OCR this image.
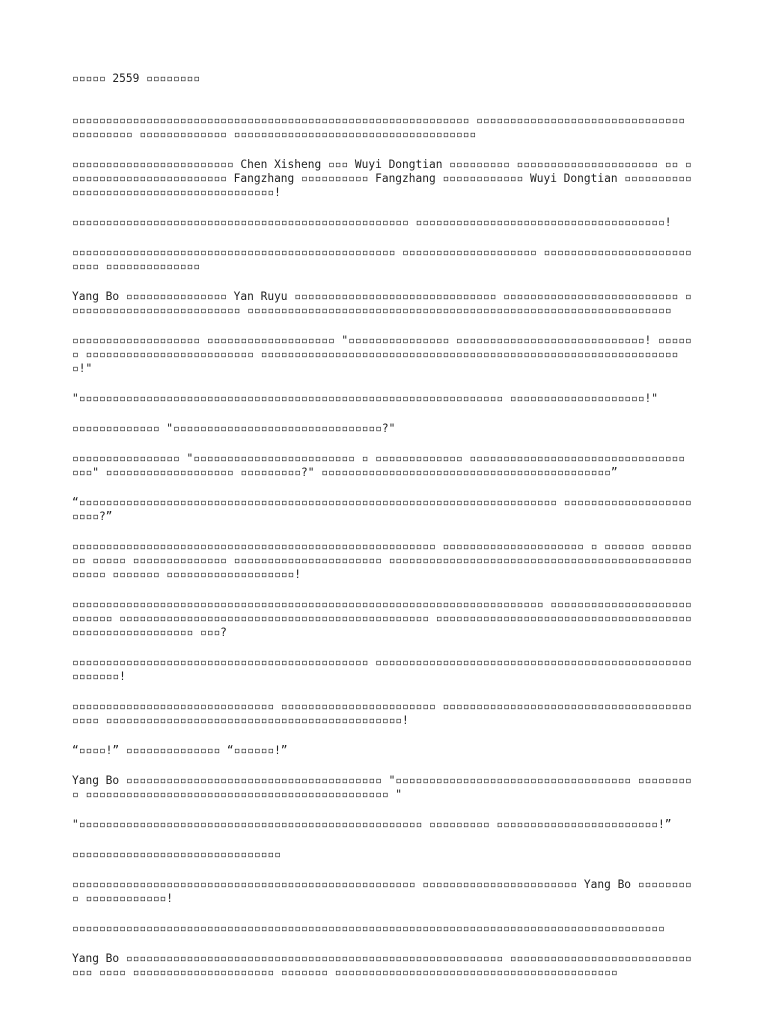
▫▫▫▫▫ 2559 ▫▫▫▫▫▫▫▫

▫▫▫▫▫▫▫▫▫▫▫▫▫▫▫▫▫▫▫▫▫▫▫▫▫▫▫▫▫▫▫▫▫▫▫▫▫▫▫▫▫▫▫▫▫▫▫▫▫▫▫▫▫▫▫▫▫▫▫ ▫▫▫▫▫▫▫▫▫▫▫▫▫▫▫▫▫▫▫▫▫▫▫▫▫▫▫▫▫▫▫ ▫▫▫▫▫▫▫▫▫ ▫▫▫▫▫▫▫▫▫▫▫▫▫ ▫▫▫▫▫▫▫▫▫▫▫▫▫▫▫▫▫▫▫▫▫▫▫▫▫▫▫▫▫▫▫▫▫▫▫▫

▫▫▫▫▫▫▫▫▫▫▫▫▫▫▫▫▫▫▫▫▫▫▫▫ Chen Xisheng ▫▫▫ Wuyi Dongtian ▫▫▫▫▫▫▫▫▫ ▫▫▫▫▫▫▫▫▫▫▫▫▫▫▫▫▫▫▫▫▫ ▫▫ ▫▫▫▫▫▫▫▫▫▫▫▫▫▫▫▫▫▫▫▫▫▫▫▫ Fangzhang ▫▫▫▫▫▫▫▫▫▫ Fangzhang ▫▫▫▫▫▫▫▫▫▫▫▫ Wuyi Dongtian ▫▫▫▫▫▫▫▫▫▫▫▫▫▫▫▫▫▫▫▫▫▫▫▫▫▫▫▫▫▫▫▫▫▫▫▫▫▫▫▫!

▫▫▫▫▫▫▫▫▫▫▫▫▫▫▫▫▫▫▫▫▫▫▫▫▫▫▫▫▫▫▫▫▫▫▫▫▫▫▫▫▫▫▫▫▫▫▫▫▫▫ ▫▫▫▫▫▫▫▫▫▫▫▫▫▫▫▫▫▫▫▫▫▫▫▫▫▫▫▫▫▫▫▫▫▫▫▫▫!

▫▫▫▫▫▫▫▫▫▫▫▫▫▫▫▫▫▫▫▫▫▫▫▫▫▫▫▫▫▫▫▫▫▫▫▫▫▫▫▫▫▫▫▫▫▫▫▫ ▫▫▫▫▫▫▫▫▫▫▫▫▫▫▫▫▫▫▫▫ ▫▫▫▫▫▫▫▫▫▫▫▫▫▫▫▫▫▫▫▫▫▫▫▫▫▫ ▫▫▫▫▫▫▫▫▫▫▫▫▫▫

Yang Bo ▫▫▫▫▫▫▫▫▫▫▫▫▫▫▫ Yan Ruyu ▫▫▫▫▫▫▫▫▫▫▫▫▫▫▫▫▫▫▫▫▫▫▫▫▫▫▫▫▫▫ ▫▫▫▫▫▫▫▫▫▫▫▫▫▫▫▫▫▫▫▫▫▫▫▫▫▫ ▫▫▫▫▫▫▫▫▫▫▫▫▫▫▫▫▫▫▫▫▫▫▫▫▫▫ ▫▫▫▫▫▫▫▫▫▫▫▫▫▫▫▫▫▫▫▫▫▫▫▫▫▫▫▫▫▫▫▫▫▫▫▫▫▫▫▫▫▫▫▫▫▫▫▫▫▫▫▫▫▫▫▫▫▫▫▫▫▫▫

▫▫▫▫▫▫▫▫▫▫▫▫▫▫▫▫▫▫▫ ▫▫▫▫▫▫▫▫▫▫▫▫▫▫▫▫▫▫▫ "▫▫▫▫▫▫▫▫▫▫▫▫▫▫▫ ▫▫▫▫▫▫▫▫▫▫▫▫▫▫▫▫▫▫▫▫▫▫▫▫▫▫▫▫! ▫▫▫▫▫▫ ▫▫▫▫▫▫▫▫▫▫▫▫▫▫▫▫▫▫▫▫▫▫▫▫▫ ▫▫▫▫▫▫▫▫▫▫▫▫▫▫▫▫▫▫▫▫▫▫▫▫▫▫▫▫▫▫▫▫▫▫▫▫▫▫▫▫▫▫▫▫▫▫▫▫▫▫▫▫▫▫▫▫▫▫▫▫▫▫▫!"

"▫▫▫▫▫▫▫▫▫▫▫▫▫▫▫▫▫▫▫▫▫▫▫▫▫▫▫▫▫▫▫▫▫▫▫▫▫▫▫▫▫▫▫▫▫▫▫▫▫▫▫▫▫▫▫▫▫▫▫▫▫▫▫ ▫▫▫▫▫▫▫▫▫▫▫▫▫▫▫▫▫▫▫▫!"

▫▫▫▫▫▫▫▫▫▫▫▫▫ "▫▫▫▫▫▫▫▫▫▫▫▫▫▫▫▫▫▫▫▫▫▫▫▫▫▫▫▫▫▫▫?"

▫▫▫▫▫▫▫▫▫▫▫▫▫▫▫▫ "▫▫▫▫▫▫▫▫▫▫▫▫▫▫▫▫▫▫▫▫▫▫▫▫ ▫ ▫▫▫▫▫▫▫▫▫▫▫▫▫ ▫▫▫▫▫▫▫▫▫▫▫▫▫▫▫▫▫▫▫▫▫▫▫▫▫▫▫▫▫▫▫▫ ▫▫▫" ▫▫▫▫▫▫▫▫▫▫▫▫▫▫▫▫▫▫▫ ▫▫▫▫▫▫▫▫▫?" ▫▫▫▫▫▫▫▫▫▫▫▫▫▫▫▫▫▫▫▫▫▫▫▫▫▫▫▫▫▫▫▫▫▫▫▫▫▫▫▫▫▫▫”

“▫▫▫▫▫▫▫▫▫▫▫▫▫▫▫▫▫▫▫▫▫▫▫▫▫▫▫▫▫▫▫▫▫▫▫▫▫▫▫▫▫▫▫▫▫▫▫▫▫▫▫▫▫▫▫▫▫▫▫▫▫▫▫▫▫▫▫▫▫▫▫ ▫▫▫▫▫▫▫▫▫▫▫▫▫▫▫▫▫▫▫▫▫▫▫?”

▫▫▫▫▫▫▫▫▫▫▫▫▫▫▫▫▫▫▫▫▫▫▫▫▫▫▫▫▫▫▫▫▫▫▫▫▫▫▫▫▫▫▫▫▫▫▫▫▫▫▫▫▫▫ ▫▫▫▫▫▫▫▫▫▫▫▫▫▫▫▫▫▫▫▫▫ ▫ ▫▫▫▫▫▫ ▫▫▫▫▫▫▫▫ ▫▫▫▫▫ ▫▫▫▫▫▫▫▫▫▫▫▫▫▫ ▫▫▫▫▫▫▫▫▫▫▫▫▫▫▫▫▫▫▫▫▫▫ ▫▫▫▫▫▫▫▫▫▫▫▫▫▫▫▫▫▫▫▫▫▫▫▫▫▫▫▫▫▫▫▫▫▫▫▫▫▫▫▫▫▫▫▫▫▫▫▫▫▫ ▫▫▫▫▫▫▫ ▫▫▫▫▫▫▫▫▫▫▫▫▫▫▫▫▫▫▫!

▫▫▫▫▫▫▫▫▫▫▫▫▫▫▫▫▫▫▫▫▫▫▫▫▫▫▫▫▫▫▫▫▫▫▫▫▫▫▫▫▫▫▫▫▫▫▫▫▫▫▫▫▫▫▫▫▫▫▫▫▫▫▫▫▫▫▫▫▫▫ ▫▫▫▫▫▫▫▫▫▫▫▫▫▫▫▫▫▫▫▫▫▫▫▫▫▫▫ ▫▫▫▫▫▫▫▫▫▫▫▫▫▫▫▫▫▫▫▫▫▫▫▫▫▫▫▫▫▫▫▫▫▫▫▫▫▫▫▫▫▫▫▫▫▫ ▫▫▫▫▫▫▫▫▫▫▫▫▫▫▫▫▫▫▫▫▫▫▫▫▫▫▫▫▫▫▫▫▫▫▫▫▫▫▫▫▫▫▫▫▫▫▫▫▫▫▫▫▫▫▫▫ ▫▫▫?

▫▫▫▫▫▫▫▫▫▫▫▫▫▫▫▫▫▫▫▫▫▫▫▫▫▫▫▫▫▫▫▫▫▫▫▫▫▫▫▫▫▫▫▫ ▫▫▫▫▫▫▫▫▫▫▫▫▫▫▫▫▫▫▫▫▫▫▫▫▫▫▫▫▫▫▫▫▫▫▫▫▫▫▫▫▫▫▫▫▫▫▫▫▫▫▫▫▫▫!

▫▫▫▫▫▫▫▫▫▫▫▫▫▫▫▫▫▫▫▫▫▫▫▫▫▫▫▫▫▫ ▫▫▫▫▫▫▫▫▫▫▫▫▫▫▫▫▫▫▫▫▫▫▫ ▫▫▫▫▫▫▫▫▫▫▫▫▫▫▫▫▫▫▫▫▫▫▫▫▫▫▫▫▫▫▫▫▫▫▫▫▫▫▫▫▫ ▫▫▫▫▫▫▫▫▫▫▫▫▫▫▫▫▫▫▫▫▫▫▫▫▫▫▫▫▫▫▫▫▫▫▫▫▫▫▫▫▫▫▫▫!

“▫▫▫▫!” ▫▫▫▫▫▫▫▫▫▫▫▫▫▫ “▫▫▫▫▫▫!”

Yang Bo ▫▫▫▫▫▫▫▫▫▫▫▫▫▫▫▫▫▫▫▫▫▫▫▫▫▫▫▫▫▫▫▫▫▫▫▫▫▫ "▫▫▫▫▫▫▫▫▫▫▫▫▫▫▫▫▫▫▫▫▫▫▫▫▫▫▫▫▫▫▫▫▫▫▫ ▫▫▫▫▫▫▫▫▫ ▫▫▫▫▫▫▫▫▫▫▫▫▫▫▫▫▫▫▫▫▫▫▫▫▫▫▫▫▫▫▫▫▫▫▫▫▫▫▫▫▫▫▫▫▫ "

"▫▫▫▫▫▫▫▫▫▫▫▫▫▫▫▫▫▫▫▫▫▫▫▫▫▫▫▫▫▫▫▫▫▫▫▫▫▫▫▫▫▫▫▫▫▫▫▫▫▫▫ ▫▫▫▫▫▫▫▫▫ ▫▫▫▫▫▫▫▫▫▫▫▫▫▫▫▫▫▫▫▫▫▫▫▫!”

▫▫▫▫▫▫▫▫▫▫▫▫▫▫▫▫▫▫▫▫▫▫▫▫▫▫▫▫▫▫▫

▫▫▫▫▫▫▫▫▫▫▫▫▫▫▫▫▫▫▫▫▫▫▫▫▫▫▫▫▫▫▫▫▫▫▫▫▫▫▫▫▫▫▫▫▫▫▫▫▫▫▫ ▫▫▫▫▫▫▫▫▫▫▫▫▫▫▫▫▫▫▫▫▫▫▫ Yang Bo ▫▫▫▫▫▫▫▫▫ ▫▫▫▫▫▫▫▫▫▫▫▫!

▫▫▫▫▫▫▫▫▫▫▫▫▫▫▫▫▫▫▫▫▫▫▫▫▫▫▫▫▫▫▫▫▫▫▫▫▫▫▫▫▫▫▫▫▫▫▫▫▫▫▫▫▫▫▫▫▫▫▫▫▫▫▫▫▫▫▫▫▫▫▫▫▫▫▫▫▫▫▫▫▫▫▫▫▫▫▫▫

Yang Bo ▫▫▫▫▫▫▫▫▫▫▫▫▫▫▫▫▫▫▫▫▫▫▫▫▫▫▫▫▫▫▫▫▫▫▫▫▫▫▫▫▫▫▫▫▫▫▫▫▫▫▫▫▫▫▫▫ ▫▫▫▫▫▫▫▫▫▫▫▫▫▫▫▫▫▫▫▫▫▫▫▫▫▫▫▫▫▫ ▫▫▫▫ ▫▫▫▫▫▫▫▫▫▫▫▫▫▫▫▫▫▫▫▫▫ ▫▫▫▫▫▫▫ ▫▫▫▫▫▫▫▫▫▫▫▫▫▫▫▫▫▫▫▫▫▫▫▫▫▫▫▫▫▫▫▫▫▫▫▫▫▫▫▫▫▫
